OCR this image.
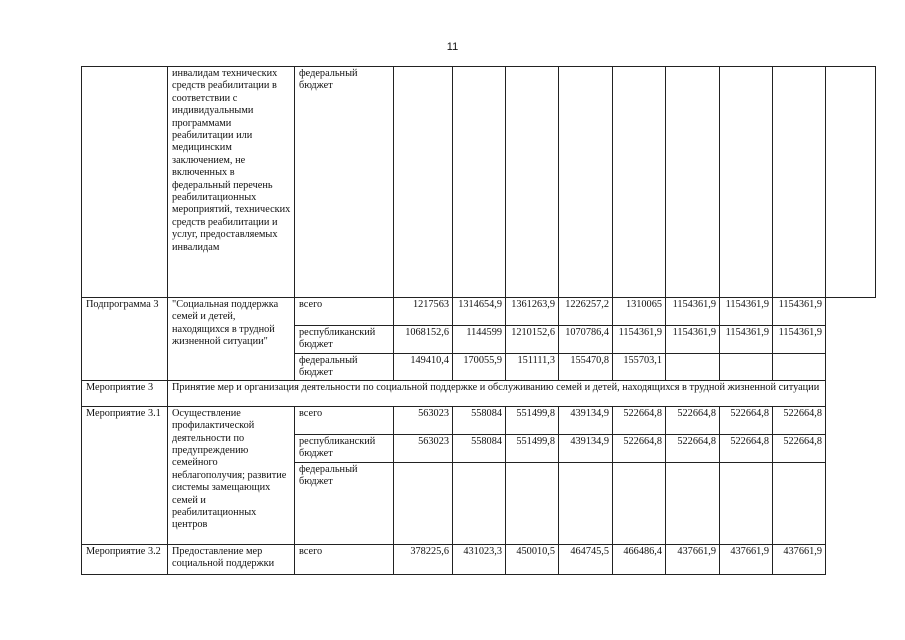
11
	инвалидам технических средств реабилитации в соответствии с индивидуальными программами реабилитации или медицинским заключением, не включенных в федеральный перечень реабилитационных мероприятий, технических средств реабилитации и услуг, предоставляемых инвалидам	федеральный бюджет									
Подпрограмма 3	"Социальная поддержка семей и детей, находящихся в трудной жизненной ситуации"	всего	1217563	1314654,9	1361263,9	1226257,2	1310065	1154361,9	1154361,9	1154361,9	
		республиканский бюджет	1068152,6	1144599	1210152,6	1070786,4	1154361,9	1154361,9	1154361,9	1154361,9	
		федеральный бюджет	149410,4	170055,9	151111,3	155470,8	155703,1				
Мероприятие 3	Принятие мер и организация деятельности по социальной поддержке и обслуживанию семей и детей, находящихся в трудной жизненной ситуации										
Мероприятие 3.1	Осуществление профилактической деятельности по предупреждению семейного неблагополучия; развитие системы замещающих семей и реабилитационных центров	всего	563023	558084	551499,8	439134,9	522664,8	522664,8	522664,8	522664,8	
		республиканский бюджет	563023	558084	551499,8	439134,9	522664,8	522664,8	522664,8	522664,8	
		федеральный бюджет									
Мероприятие 3.2	Предоставление мер социальной поддержки	всего	378225,6	431023,3	450010,5	464745,5	466486,4	437661,9	437661,9	437661,9	
